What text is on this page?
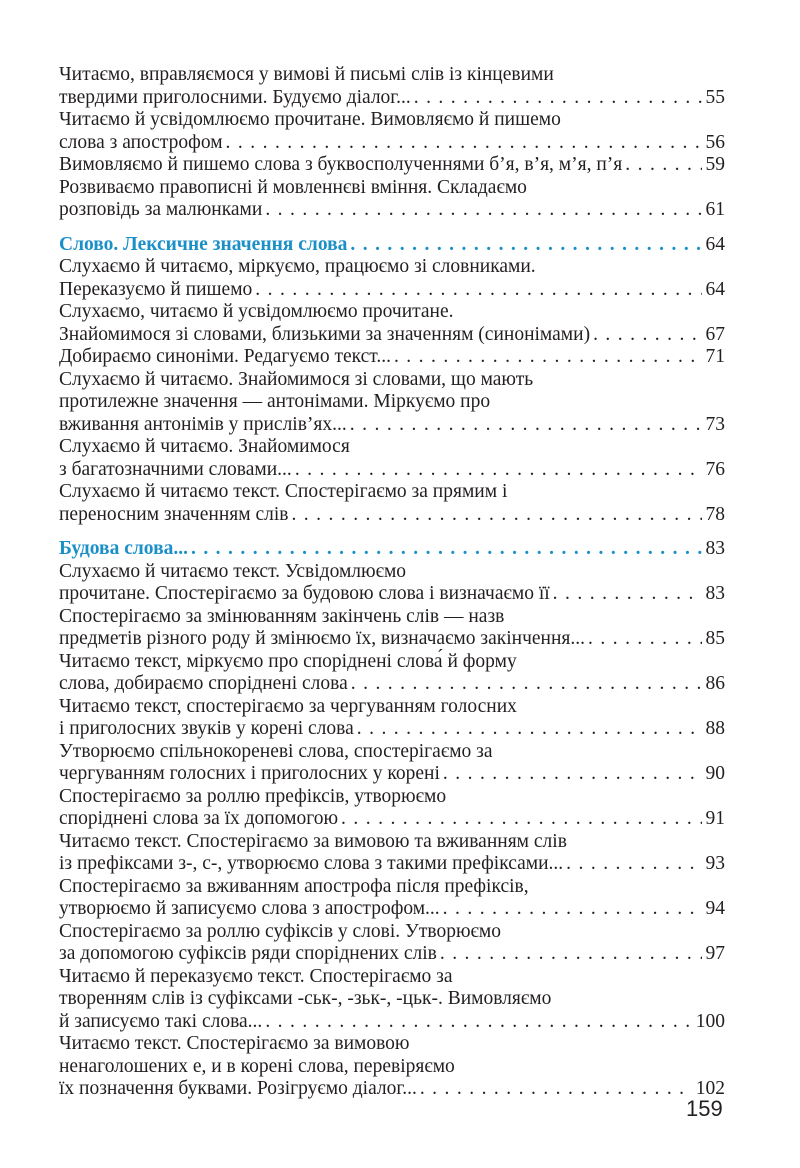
Читаємо, вправляємося у вимові й письмі слів із кінцевими
твердими приголосними. Будуємо діалог... . . .	55
Читаємо й усвідомлюємо прочитане. Вимовляємо й пишемо
слова з апострофом . . .	56
Вимовляємо й пишемо слова з буквосполученнями б’я, в’я, м’я, п’я . . .	59
Розвиваємо правописні й мовленнєві вміння. Складаємо
розповідь за малюнками . . .	61
Слово. Лексичне значення слова . . .	64
Слухаємо й читаємо, міркуємо, працюємо зі словниками.
Переказуємо й пишемо . . .	64
Слухаємо, читаємо й усвідомлюємо прочитане.
Знайомимося зі словами, близькими за значенням (синонімами) . . .	67
Добираємо синоніми. Редагуємо текст... . . .	71
Слухаємо й читаємо. Знайомимося зі словами, що мають
протилежне значення — антонімами. Міркуємо про
вживання антонімів у прислів’ях... . . .	73
Слухаємо й читаємо. Знайомимося
з багатозначними словами... . . .	76
Слухаємо й читаємо текст. Спостерігаємо за прямим і
переносним значенням слів . . .	78
Будова слова... . . .	83
Слухаємо й читаємо текст. Усвідомлюємо
прочитане. Спостерігаємо за будовою слова і визначаємо її . . .	83
Спостерігаємо за змінюванням закінчень слів — назв
предметів різного роду й змінюємо їх, визначаємо закінчення... . . .	85
Читаємо текст, міркуємо про споріднені слова́ й форму
слова, добираємо споріднені слова . . .	86
Читаємо текст, спостерігаємо за чергуванням голосних
і приголосних звуків у корені слова . . .	88
Утворюємо спільнокореневі слова, спостерігаємо за
чергуванням голосних і приголосних у корені . . .	90
Спостерігаємо за роллю префіксів, утворюємо
споріднені слова за їх допомогою . . .	91
Читаємо текст. Спостерігаємо за вимовою та вживанням слів
із префіксами з-, с-, утворюємо слова з такими префіксами... . . .	93
Спостерігаємо за вживанням апострофа після префіксів,
утворюємо й записуємо слова з апострофом... . . .	94
Спостерігаємо за роллю суфіксів у слові. Утворюємо
за допомогою суфіксів ряди споріднених слів . . .	97
Читаємо й переказуємо текст. Спостерігаємо за
творенням слів із суфіксами -ськ-, -зьк-, -цьк-. Вимовляємо
й записуємо такі слова... . . .	100
Читаємо текст. Спостерігаємо за вимовою
ненаголошених е, и в корені слова, перевіряємо
їх позначення буквами. Розігруємо діалог... . . .	102
159
